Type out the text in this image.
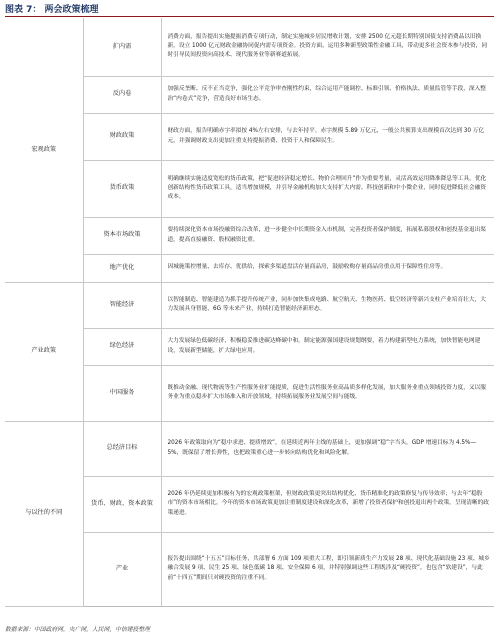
图表 7： 两会政策梳理
宏观政策	扩内需	消费方面，报告提出实施提振消费专项行动，制定实施城乡居民增收计划，安排 2500 亿元超长期特别国债支持消费品以旧换新，设立 1000 亿元财政金融协同促内需专项资金。投资方面，运用多种新型政策性金融工具，带动更多社会资本参与投资，同时引导民间投资向高技术、现代服务业等新赛道拓展。
	反内卷	加强反垄断、反不正当竞争，强化公平竞争审查刚性约束，综合运用产能调控、标准引领、价格执法、质量监管等手段，深入整治“内卷式”竞争，营造良好市场生态。
	财政政策	财政方面，报告明确赤字率拟按 4%左右安排，与去年持平。赤字规模 5.89 万亿元，一般公共预算支出规模首次达到 30 万亿元，并强调财政支出更加注重支持提振消费、投资于人和保障民生。
	货币政策	明确继续实施适度宽松的货币政策，把“促进经济稳定增长、物价合理回升”作为重要考量，灵活高效运用降准降息等工具，优化创新结构性货币政策工具，适当增加规模，并引导金融机构加大支持扩大内需、科技创新和中小微企业，同时促进降低社会融资成本。
	资本市场政策	要持续深化资本市场投融资综合改革，进一步健全中长期资金入市机制，完善投资者保护制度，拓展私募股权和创投基金退出渠道，提高直接融资、股权融资比重。
	地产优化	因城施策控增量、去库存、优供给，探索多渠道盘活存量商品房，鼓励收购存量商品房重点用于保障性住房等。
产业政策	智能经济	以智能制造、智能建造为抓手提升传统产业，同步加快集成电路、航空航天、生物医药、低空经济等新兴支柱产业培育壮大，大力发展具身智能、6G 等未来产业，持续打造智能经济新形态。
	绿色经济	大力发展绿色低碳经济，积极稳妥推进碳达峰碳中和。制定能源强国建设规划纲要，着力构建新型电力系统，加快智能电网建设，发展新型储能，扩大绿电应用。
	中国服务	既推动金融、现代物流等生产性服务业扩能提质，促进生活性服务业高品质多样化发展，加大服务业重点领域投资力度，又以服务业为重点稳步扩大市场准入和开放领域，持续拓展服务业发展空间与能级。
与以往的不同	总经济目标	2026 年政策取向为“稳中求进、提质增效”，在延续近两年主线的基础上，更加强调“稳”字当头。GDP 增速目标为 4.5%—5%，既保留了增长弹性，也把政策重心进一步转向结构优化和风险化解。
	货币、财政、资本政策	2026 年仍延续更加积极有为的宏观政策框架，但财政政策更突出结构优化、货币精准化的政策修复与传导效率；与去年“稳股市”的资本市场相比，今年的资本市场政策更加注重制度建设和深化改革，新增了投资者保护和创投退出两个政策，呈现清晰的政策递进。
	产业	报告提出围绕“十五五”目标任务，共部署 6 方面 109 项重大工程，即引领新质生产力发展 28 项、现代化基础设施 23 项、城乡融合发展 9 项、民生 25 项、绿色低碳 18 项、安全保障 6 项，并特别强调这些工程既涉及“硬投资”，也包含“软建设”，与此前“十四五”期间只对硬投资的注重不同。
数据来源：中国政府网，央广网，人民网，中信建投整理
